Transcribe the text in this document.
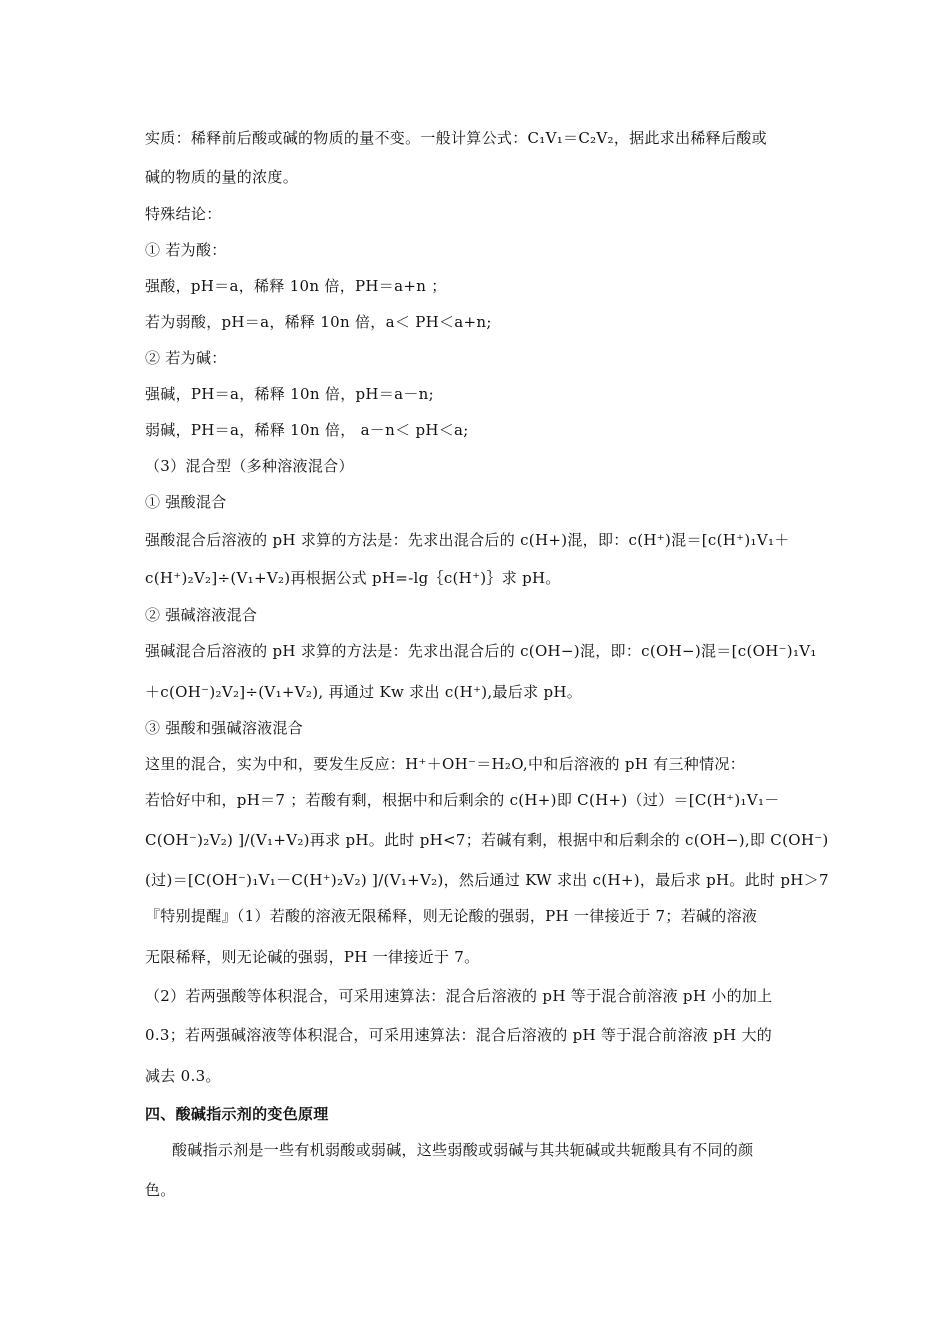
实质：稀释前后酸或碱的物质的量不变。一般计算公式：C₁V₁＝C₂V₂，据此求出稀释后酸或
碱的物质的量的浓度。
特殊结论：
① 若为酸：
强酸，pH＝a，稀释 10n 倍，PH＝a+n ；
若为弱酸，pH＝a，稀释 10n 倍，a＜ PH＜a+n;
② 若为碱：
强碱，PH＝a，稀释 10n 倍，pH＝a－n;
弱碱，PH＝a，稀释 10n 倍， a－n＜ pH＜a;
（3）混合型（多种溶液混合）
① 强酸混合
强酸混合后溶液的 pH 求算的方法是：先求出混合后的 c(H+)混，即：c(H⁺)混＝[c(H⁺)₁V₁＋
c(H⁺)₂V₂]÷(V₁+V₂)再根据公式 pH=-lg｛c(H⁺)｝求 pH。
② 强碱溶液混合
强碱混合后溶液的 pH 求算的方法是：先求出混合后的 c(OH−)混，即：c(OH−)混＝[c(OH⁻)₁V₁
＋c(OH⁻)₂V₂]÷(V₁+V₂), 再通过 Kw 求出 c(H⁺),最后求 pH。
③ 强酸和强碱溶液混合
这里的混合，实为中和，要发生反应：H⁺＋OH⁻＝H₂O,中和后溶液的 pH 有三种情况：
若恰好中和，pH＝7 ；若酸有剩，根据中和后剩余的 c(H+)即 C(H+)（过）＝[C(H⁺)₁V₁－
C(OH⁻)₂V₂) ]/(V₁+V₂)再求 pH。此时 pH<7；若碱有剩，根据中和后剩余的 c(OH−),即 C(OH⁻)
(过)＝[C(OH⁻)₁V₁－C(H⁺)₂V₂) ]/(V₁+V₂)，然后通过 KW 求出 c(H+)，最后求 pH。此时 pH＞7
『特别提醒』（1）若酸的溶液无限稀释，则无论酸的强弱，PH 一律接近于 7；若碱的溶液
无限稀释，则无论碱的强弱，PH 一律接近于 7。
（2）若两强酸等体积混合，可采用速算法：混合后溶液的 pH 等于混合前溶液 pH 小的加上
0.3；若两强碱溶液等体积混合，可采用速算法：混合后溶液的 pH 等于混合前溶液 pH 大的
减去 0.3。
四、酸碱指示剂的变色原理
酸碱指示剂是一些有机弱酸或弱碱，这些弱酸或弱碱与其共轭碱或共轭酸具有不同的颜
色。
